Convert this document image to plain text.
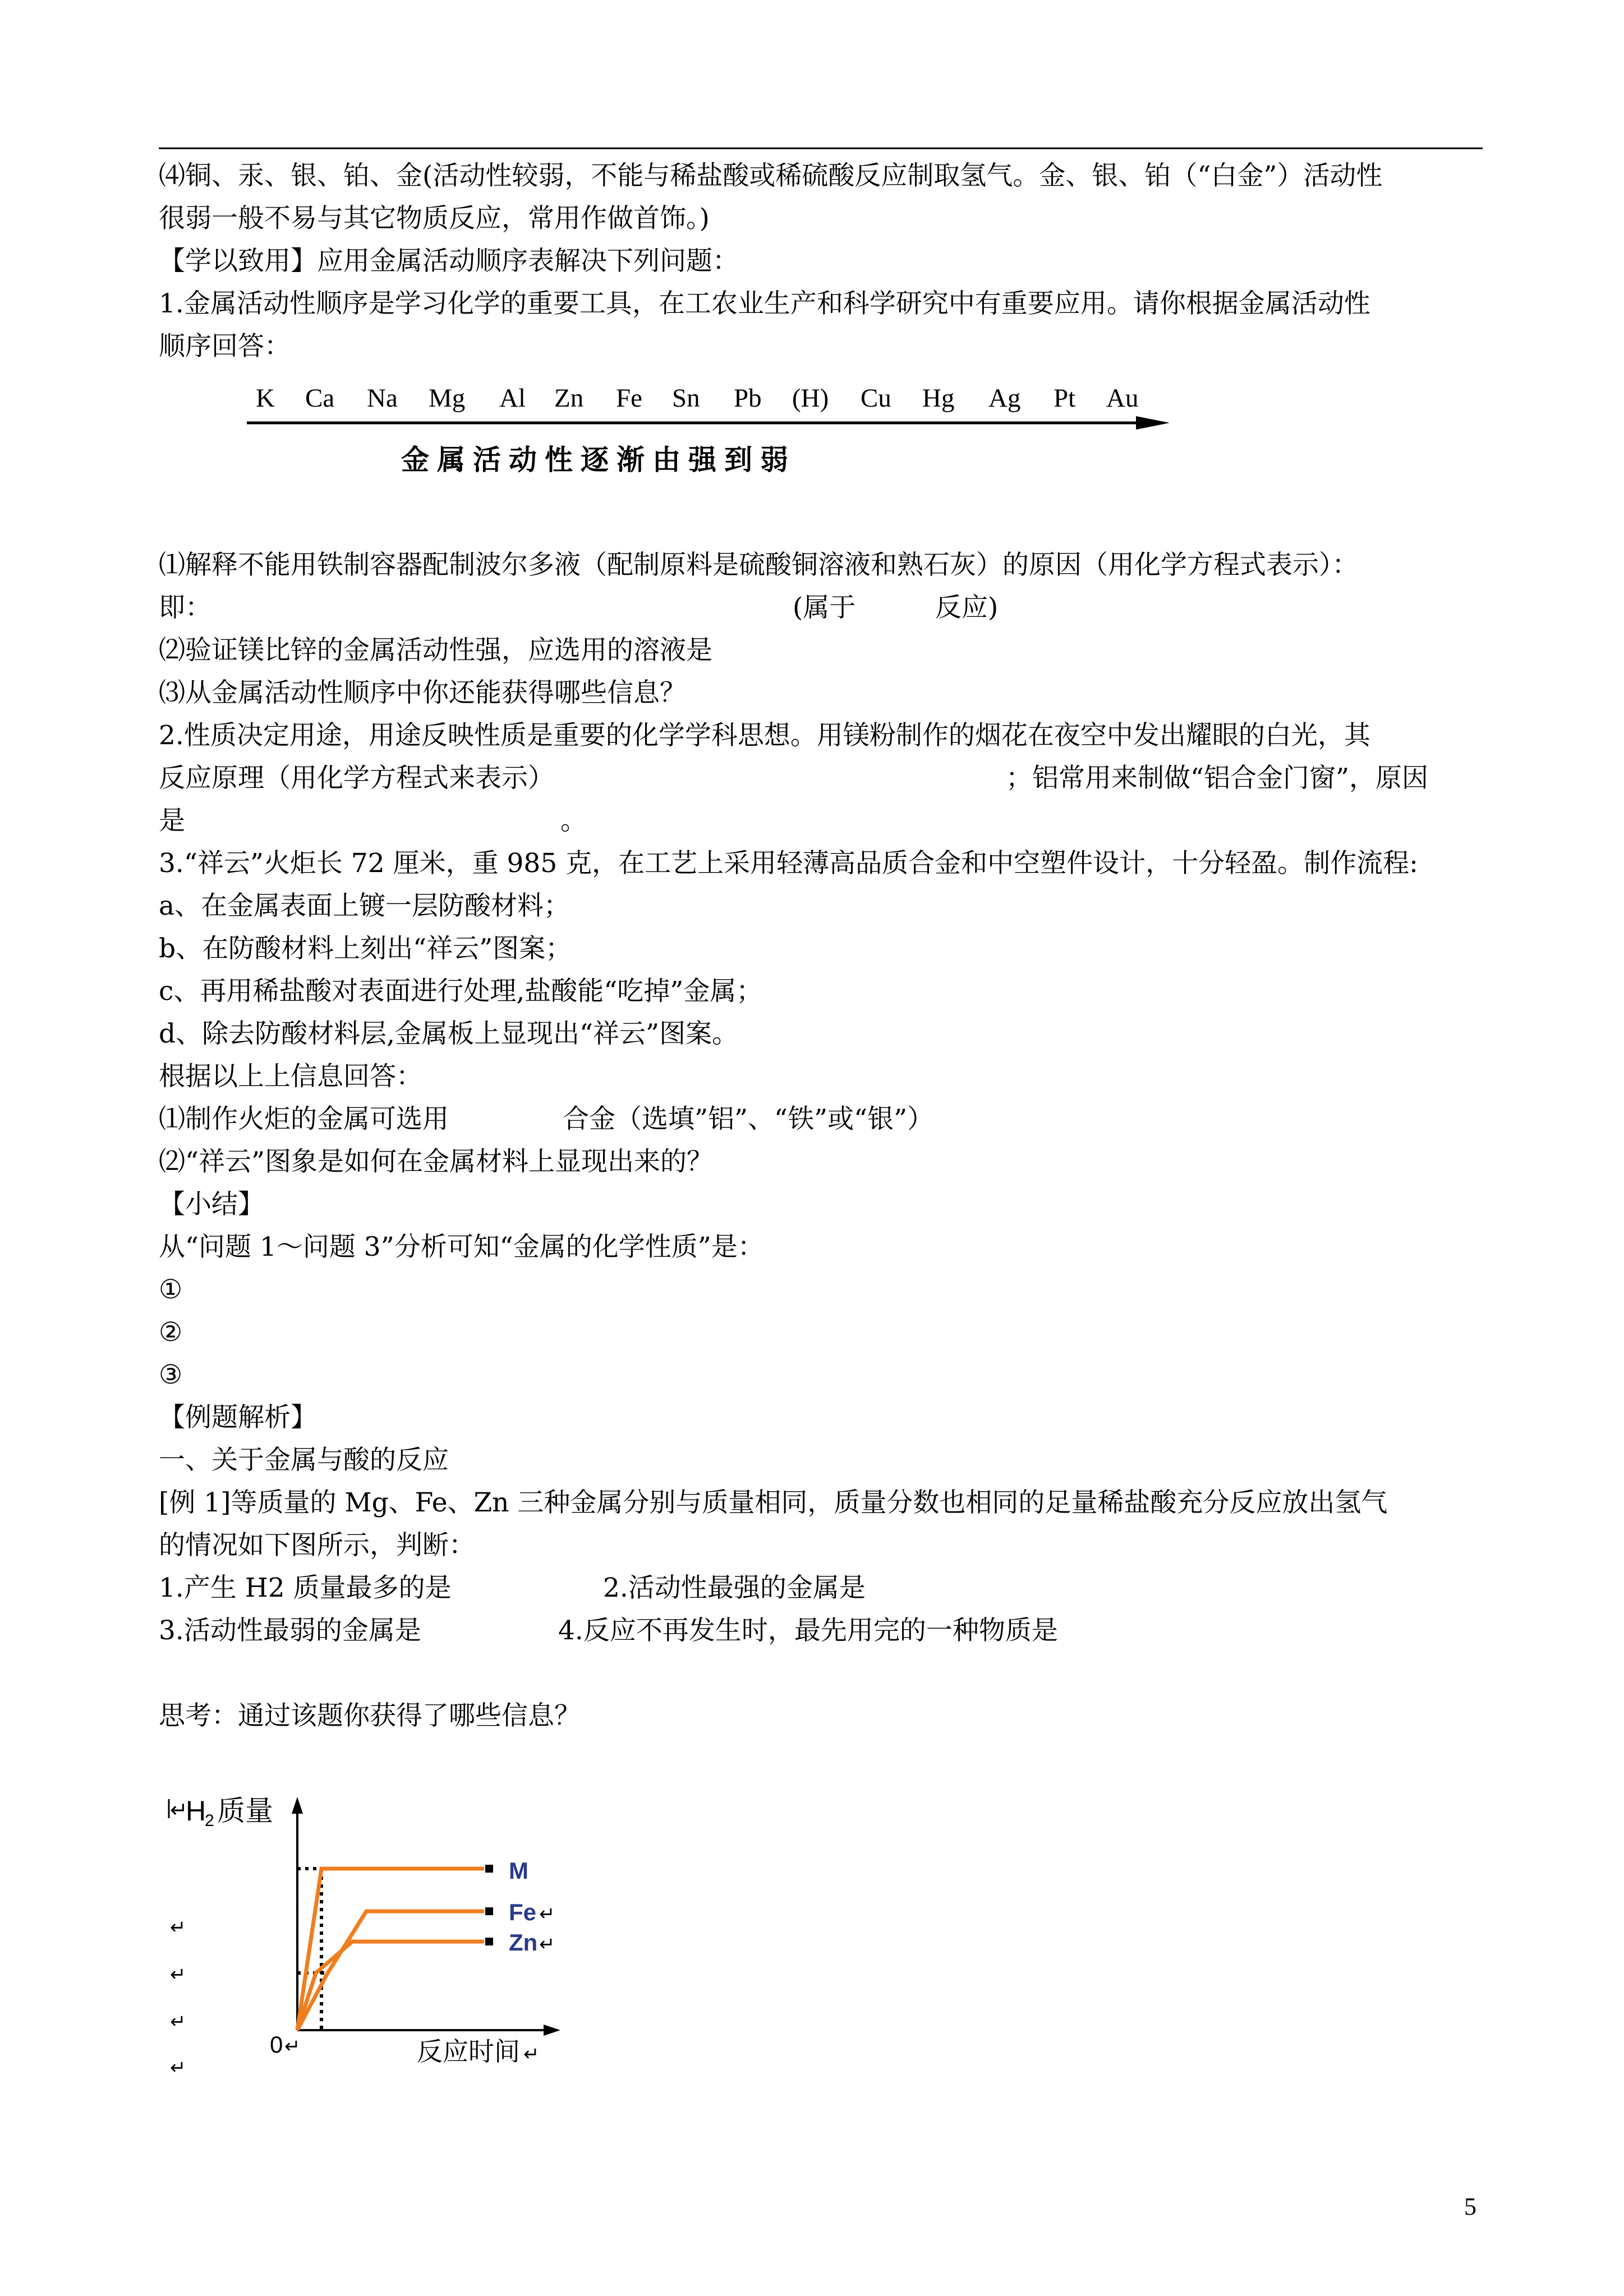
⑷铜、汞、银、铂、金(活动性较弱，不能与稀盐酸或稀硫酸反应制取氢气。金、银、铂（“白金”）活动性
很弱一般不易与其它物质反应，常用作做首饰。)
【学以致用】应用金属活动顺序表解决下列问题：
1.金属活动性顺序是学习化学的重要工具，在工农业生产和科学研究中有重要应用。请你根据金属活动性
顺序回答：
K Ca Na Mg Al Zn Fe Sn Pb (H) Cu Hg Ag Pt Au
金属活动性逐渐由强到弱
⑴解释不能用铁制容器配制波尔多液（配制原料是硫酸铜溶液和熟石灰）的原因（用化学方程式表示）：
即：	(属于	反应)
⑵验证镁比锌的金属活动性强，应选用的溶液是
⑶从金属活动性顺序中你还能获得哪些信息？
2.性质决定用途，用途反映性质是重要的化学学科思想。用镁粉制作的烟花在夜空中发出耀眼的白光，其
反应原理（用化学方程式来表示）	；铝常用来制做“铝合金门窗”，原因
是	。
3.“祥云”火炬长 72 厘米，重 985 克，在工艺上采用轻薄高品质合金和中空塑件设计，十分轻盈。制作流程:
a、在金属表面上镀一层防酸材料；
b、在防酸材料上刻出“祥云”图案；
c、再用稀盐酸对表面进行处理,盐酸能“吃掉”金属；
d、除去防酸材料层,金属板上显现出“祥云”图案。
根据以上上信息回答：
⑴制作火炬的金属可选用	合金（选填”铝”、“铁”或“银”）
⑵“祥云”图象是如何在金属材料上显现出来的？
【小结】
从“问题 1～问题 3”分析可知“金属的化学性质”是：
①
②
③
【例题解析】
一、关于金属与酸的反应
[例 1]等质量的 Mg、Fe、Zn 三种金属分别与质量相同，质量分数也相同的足量稀盐酸充分反应放出氢气
的情况如下图所示，判断：
1.产生 H2 质量最多的是	2.活动性最强的金属是
3.活动性最弱的金属是	4.反应不再发生时，最先用完的一种物质是
思考：通过该题你获得了哪些信息？
↵
H
2 质量
M
Fe ↵
Zn ↵
↵
↵
↵
↵
0 ↵	反应时间 ↵
5
